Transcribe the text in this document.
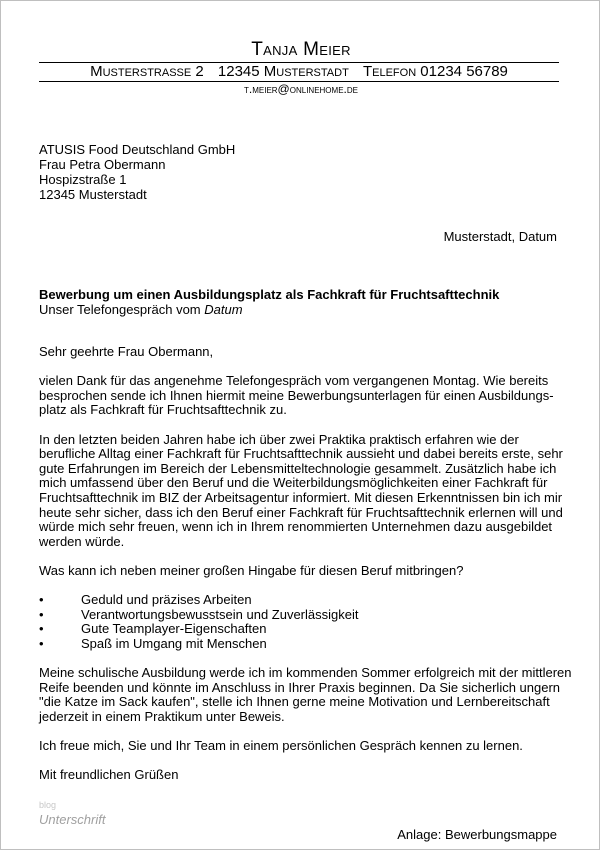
Tanja Meier
Musterstrasse 2 12345 Musterstadt Telefon 01234 56789
t.meier@onlinehome.de
ATUSIS Food Deutschland GmbH
Frau Petra Obermann
Hospizstraße 1
12345 Musterstadt
Musterstadt, Datum
Bewerbung um einen Ausbildungsplatz als Fachkraft für Fruchtsafttechnik
Unser Telefongespräch vom Datum

Sehr geehrte Frau Obermann,

vielen Dank für das angenehme Telefongespräch vom vergangenen Montag. Wie bereits
besprochen sende ich Ihnen hiermit meine Bewerbungsunterlagen für einen Ausbildungs-
platz als Fachkraft für Fruchtsafttechnik zu.

In den letzten beiden Jahren habe ich über zwei Praktika praktisch erfahren wie der
berufliche Alltag einer Fachkraft für Fruchtsafttechnik aussieht und dabei bereits erste, sehr
gute Erfahrungen im Bereich der Lebensmitteltechnologie gesammelt. Zusätzlich habe ich
mich umfassend über den Beruf und die Weiterbildungsmöglichkeiten einer Fachkraft für
Fruchtsafttechnik im BIZ der Arbeitsagentur informiert. Mit diesen Erkenntnissen bin ich mir
heute sehr sicher, dass ich den Beruf einer Fachkraft für Fruchtsafttechnik erlernen will und
würde mich sehr freuen, wenn ich in Ihrem renommierten Unternehmen dazu ausgebildet
werden würde.

Was kann ich neben meiner großen Hingabe für diesen Beruf mitbringen?

•	Geduld und präzises Arbeiten
•	Verantwortungsbewusstsein und Zuverlässigkeit
•	Gute Teamplayer-Eigenschaften
•	Spaß im Umgang mit Menschen

Meine schulische Ausbildung werde ich im kommenden Sommer erfolgreich mit der mittleren
Reife beenden und könnte im Anschluss in Ihrer Praxis beginnen. Da Sie sicherlich ungern
"die Katze im Sack kaufen", stelle ich Ihnen gerne meine Motivation und Lernbereitschaft
jederzeit in einem Praktikum unter Beweis.

Ich freue mich, Sie und Ihr Team in einem persönlichen Gespräch kennen zu lernen.

Mit freundlichen Grüßen

blog
Unterschrift
Anlage: Bewerbungsmappe
